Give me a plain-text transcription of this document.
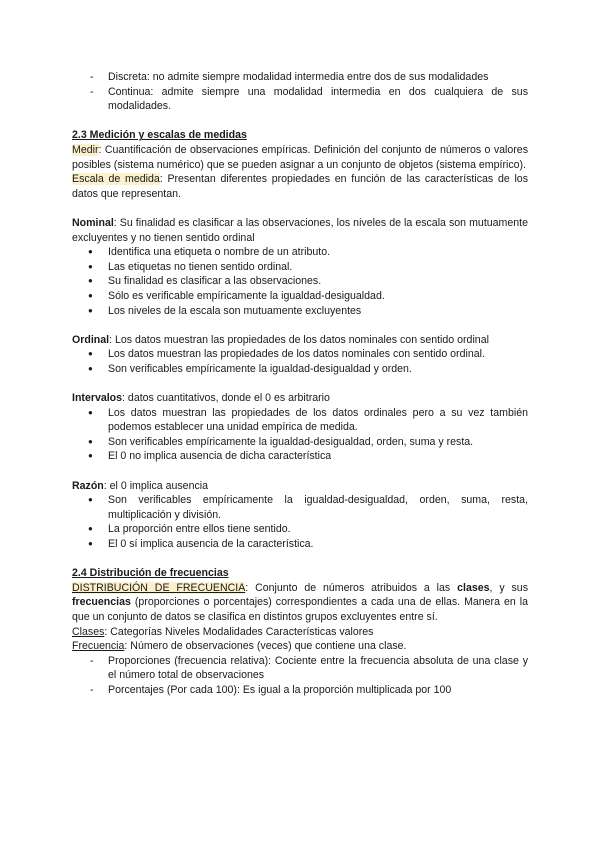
- Discreta: no admite siempre modalidad intermedia entre dos de sus modalidades
- Continua: admite siempre una modalidad intermedia en dos cualquiera de sus modalidades.

2.3 Medición y escalas de medidas

Medir: Cuantificación de observaciones empíricas. Definición del conjunto de números o valores posibles (sistema numérico) que se pueden asignar a un conjunto de objetos (sistema empírico).

Escala de medida: Presentan diferentes propiedades en función de las características de los datos que representan.

Nominal: Su finalidad es clasificar a las observaciones, los niveles de la escala son mutuamente excluyentes y no tienen sentido ordinal

● Identifica una etiqueta o nombre de un atributo.
● Las etiquetas no tienen sentido ordinal.
● Su finalidad es clasificar a las observaciones.
● Sólo es verificable empíricamente la igualdad-desigualdad.
● Los niveles de la escala son mutuamente excluyentes

Ordinal: Los datos muestran las propiedades de los datos nominales con sentido ordinal

● Los datos muestran las propiedades de los datos nominales con sentido ordinal.
● Son verificables empíricamente la igualdad-desigualdad y orden.

Intervalos: datos cuantitativos, donde el 0 es arbitrario

● Los datos muestran las propiedades de los datos ordinales pero a su vez también podemos establecer una unidad empírica de medida.
● Son verificables empíricamente la igualdad-desigualdad, orden, suma y resta.
● El 0 no implica ausencia de dicha característica

Razón: el 0 implica ausencia

● Son verificables empíricamente la igualdad-desigualdad, orden, suma, resta, multiplicación y división.
● La proporción entre ellos tiene sentido.
● El 0 sí implica ausencia de la característica.

2.4 Distribución de frecuencias

DISTRIBUCIÓN DE FRECUENCIA: Conjunto de números atribuidos a las clases, y sus frecuencias (proporciones o porcentajes) correspondientes a cada una de ellas. Manera en la que un conjunto de datos se clasifica en distintos grupos excluyentes entre sí.

Clases: Categorías Niveles Modalidades Características valores

Frecuencia: Número de observaciones (veces) que contiene una clase.

- Proporciones (frecuencia relativa): Cociente entre la frecuencia absoluta de una clase y el número total de observaciones
- Porcentajes (Por cada 100): Es igual a la proporción multiplicada por 100
